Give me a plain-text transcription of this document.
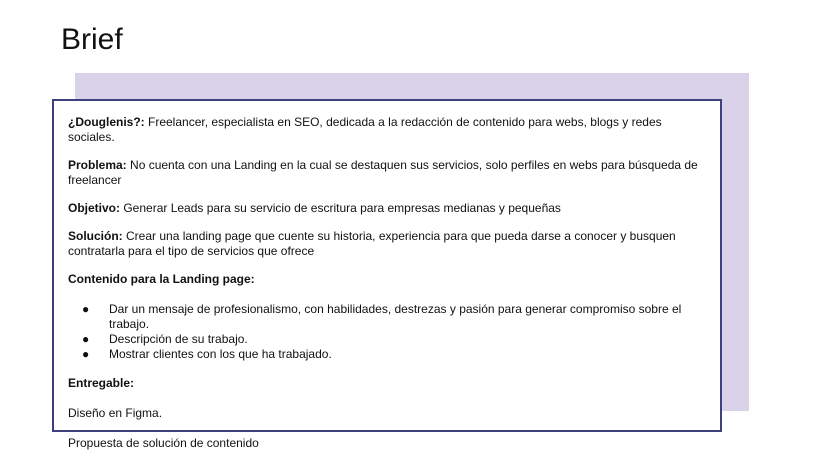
Brief

¿Douglenis?: Freelancer, especialista en SEO, dedicada a la redacción de contenido para webs, blogs y redes sociales.

Problema: No cuenta con una Landing en la cual se destaquen sus servicios, solo perfiles en webs para búsqueda de freelancer

Objetivo: Generar Leads para su servicio de escritura para empresas medianas y pequeñas

Solución: Crear una landing page que cuente su historia, experiencia para que pueda darse a conocer y busquen contratarla para el tipo de servicios que ofrece

Contenido para la Landing page:

● Dar un mensaje de profesionalismo, con habilidades, destrezas y pasión para generar compromiso sobre el trabajo.
● Descripción de su trabajo.
● Mostrar clientes con los que ha trabajado.

Entregable:

Diseño en Figma.

Propuesta de solución de contenido
